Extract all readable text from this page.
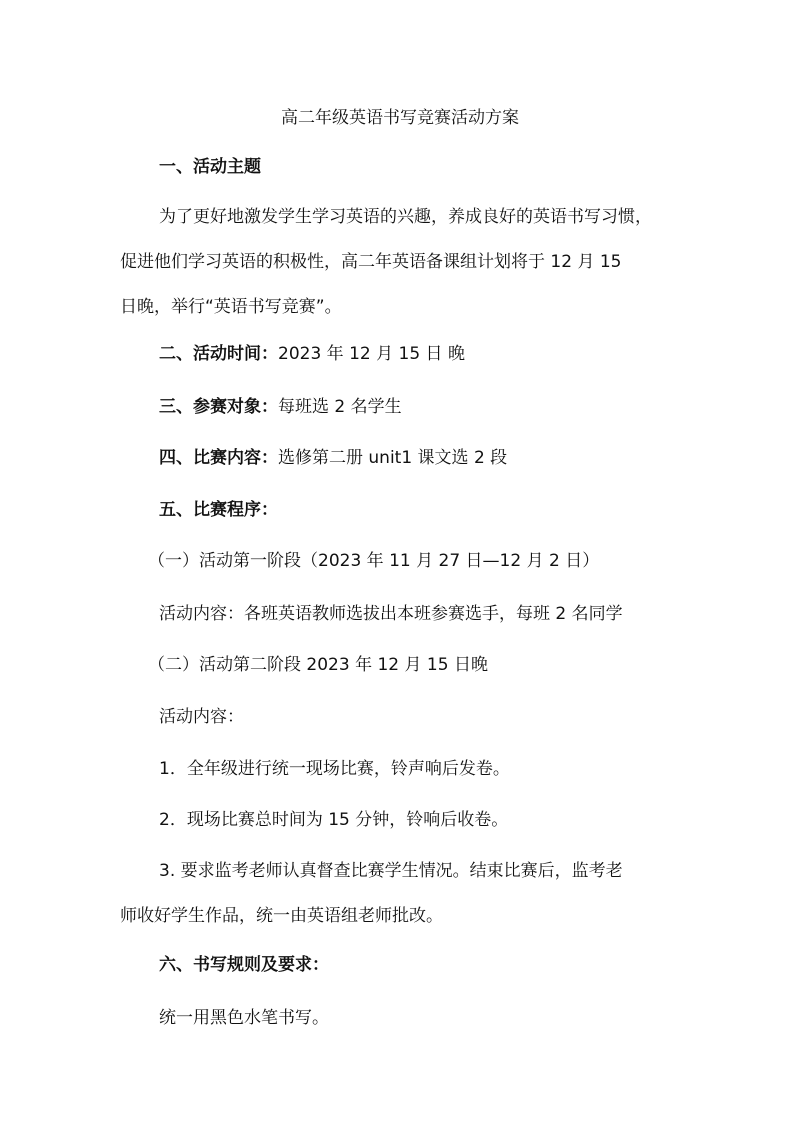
高二年级英语书写竞赛活动方案
一、活动主题
为了更好地激发学生学习英语的兴趣，养成良好的英语书写习惯，
促进他们学习英语的积极性，高二年英语备课组计划将于 12 月 15
日晚，举行“英语书写竞赛”。
二、活动时间：2023 年 12 月 15 日 晚
三、参赛对象：每班选 2 名学生
四、比赛内容：选修第二册 unit1 课文选 2 段
五、比赛程序：
（一）活动第一阶段（2023 年 11 月 27 日—12 月 2 日）
活动内容：各班英语教师选拔出本班参赛选手，每班 2 名同学
（二）活动第二阶段 2023 年 12 月 15 日晚
活动内容：
1．全年级进行统一现场比赛，铃声响后发卷。
2．现场比赛总时间为 15 分钟，铃响后收卷。
3. 要求监考老师认真督查比赛学生情况。结束比赛后，监考老
师收好学生作品，统一由英语组老师批改。
六、书写规则及要求：
统一用黑色水笔书写。
